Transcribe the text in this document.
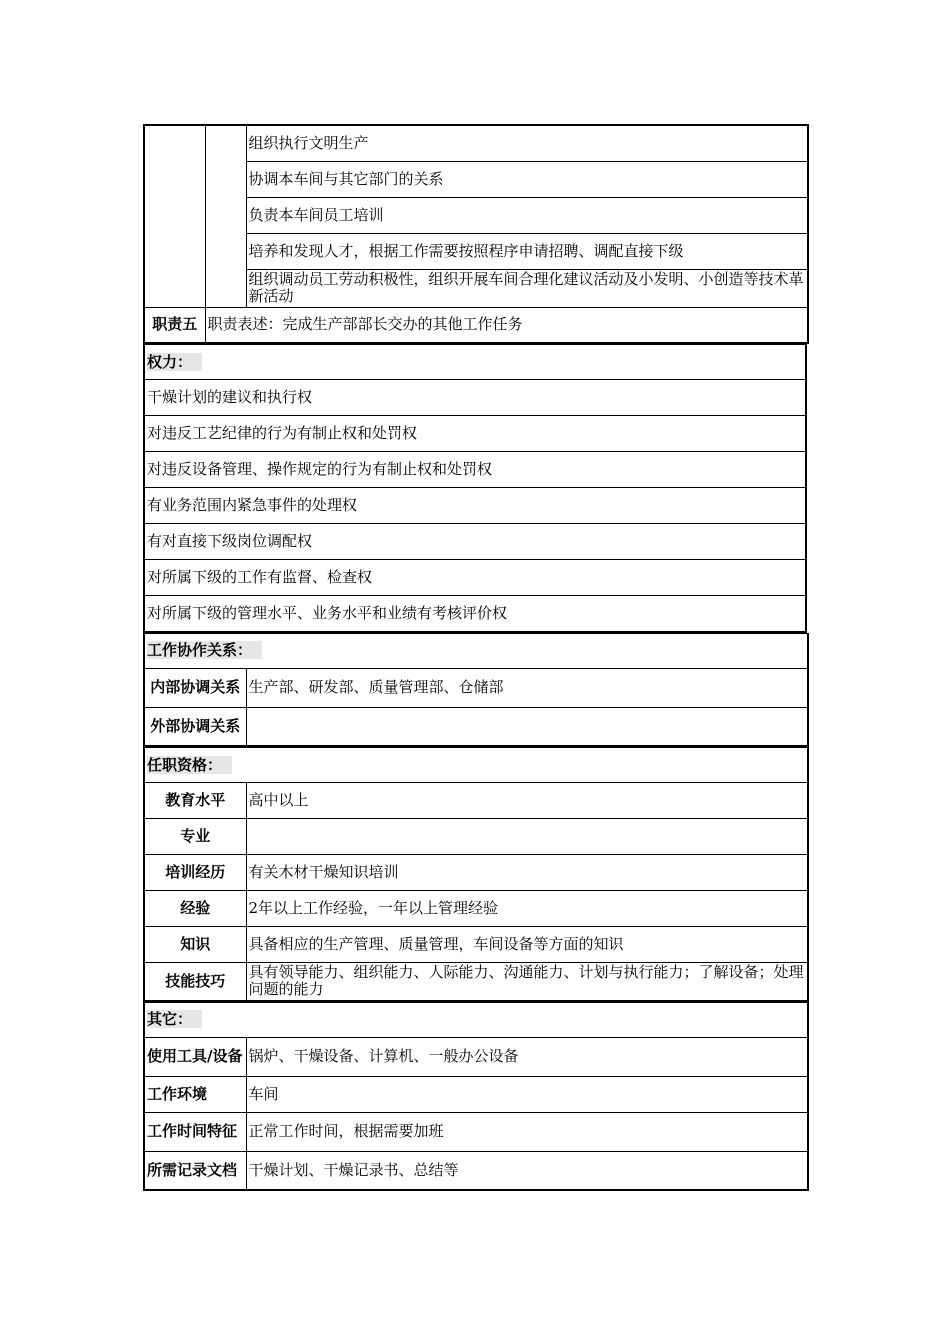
		组织执行文明生产
		协调本车间与其它部门的关系
		负责本车间员工培训
		培养和发现人才，根据工作需要按照程序申请招聘、调配直接下级
		组织调动员工劳动积极性，组织开展车间合理化建议活动及小发明、小创造等技术革新活动
职责五	职责表述：完成生产部部长交办的其他工作任务	
权力：
干燥计划的建议和执行权
对违反工艺纪律的行为有制止权和处罚权
对违反设备管理、操作规定的行为有制止权和处罚权
有业务范围内紧急事件的处理权
有对直接下级岗位调配权
对所属下级的工作有监督、检查权
对所属下级的管理水平、业务水平和业绩有考核评价权
工作协作关系：	
内部协调关系	生产部、研发部、质量管理部、仓储部
外部协调关系	
任职资格：	
教育水平	高中以上
专业	
培训经历	有关木材干燥知识培训
经验	2年以上工作经验，一年以上管理经验
知识	具备相应的生产管理、质量管理，车间设备等方面的知识
技能技巧	具有领导能力、组织能力、人际能力、沟通能力、计划与执行能力；了解设备；处理问题的能力
其它：	
使用工具/设备	锅炉、干燥设备、计算机、一般办公设备
工作环境	车间
工作时间特征	正常工作时间，根据需要加班
所需记录文档	干燥计划、干燥记录书、总结等
